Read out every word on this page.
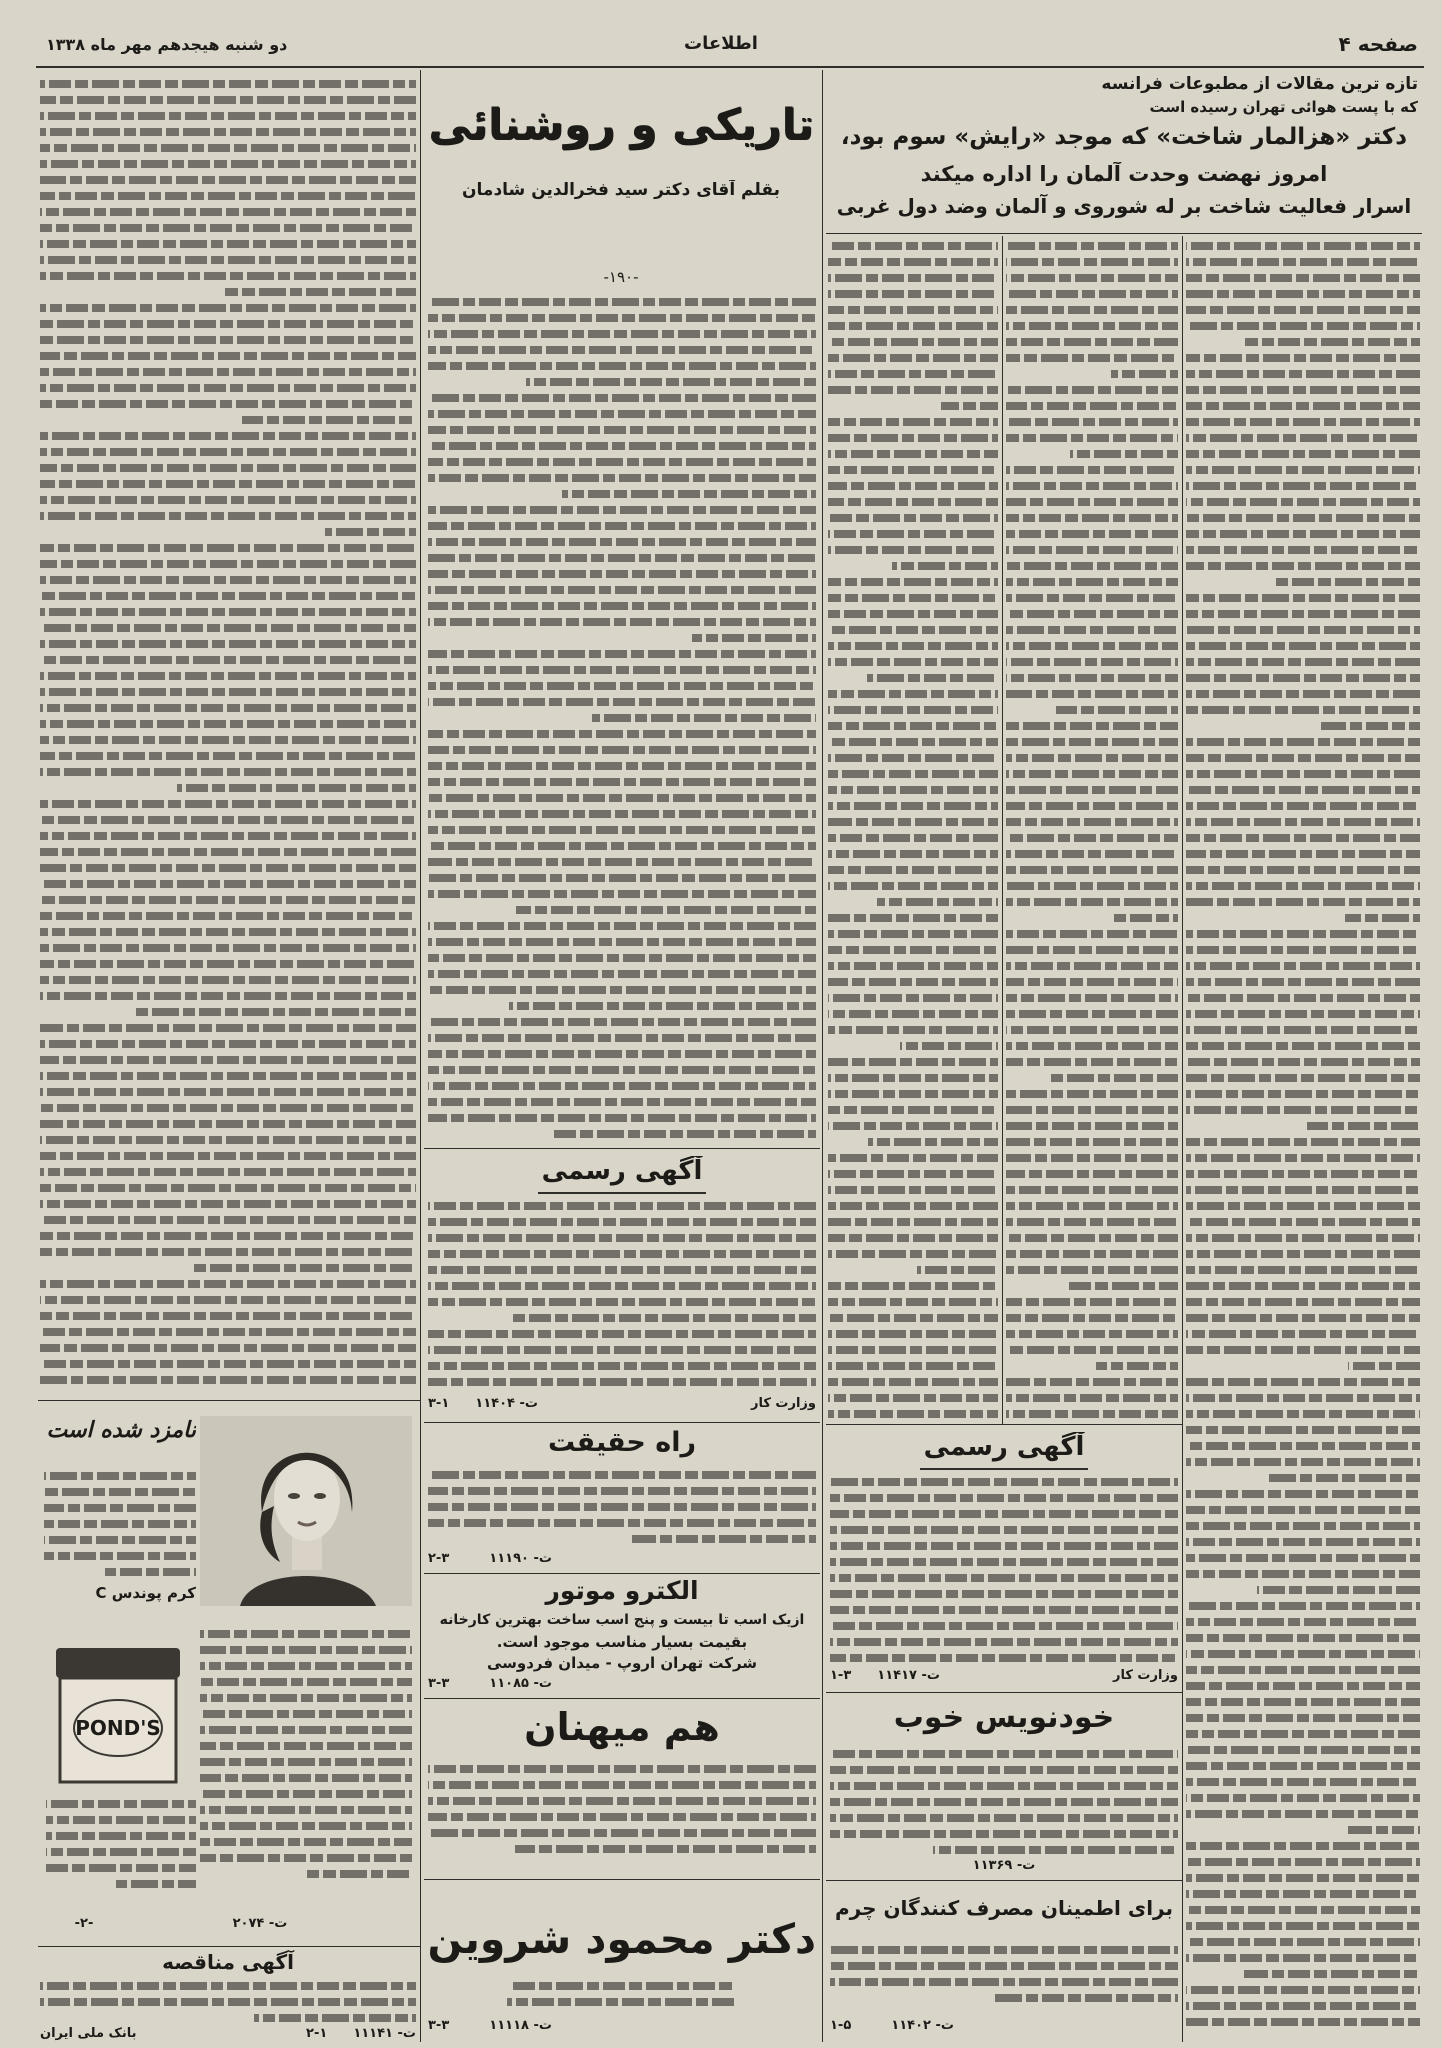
صفحه ۴
اطلاعات
دو شنبه هیجدهم مهر ماه ۱۳۳۸
نامزد شده است
کرم پوندس C
POND'S
ت- ۲۰۷۴
-۲-
آگهی مناقصه
ت- ۱۱۱۴۱
۲-۱
بانک ملی ایران
تاریکی و روشنائی
بقلم آقای دکتر سید فخرالدین شادمان
-۱۹۰-
آگهی رسمی
وزارت کار
ت- ۱۱۴۰۴
۳-۱
راه حقیقت
ت- ۱۱۱۹۰
۲-۳
الکترو موتور
ازیک اسب تا بیست و پنج اسب ساخت بهترین کارخانه
بقیمت بسیار مناسب موجود است.
شرکت تهران اروپ - میدان فردوسی
ت- ۱۱۰۸۵
۳-۳
هم میهنان
دکتر محمود شروین
ت- ۱۱۱۱۸
۳-۳
تازه ترین مقالات از مطبوعات فرانسه
که با پست هوائی تهران رسیده است
دکتر «هزالمار شاخت» که موجد «رایش» سوم بود،
امروز نهضت وحدت آلمان را اداره میکند
اسرار فعالیت شاخت بر له شوروی و آلمان وضد دول غربی
آگهی رسمی
وزارت کار
ت- ۱۱۴۱۷
۱-۳
خودنویس خوب
ت- ۱۱۳۶۹
برای اطمینان مصرف کنندگان چرم
ت- ۱۱۴۰۲
۱-۵
